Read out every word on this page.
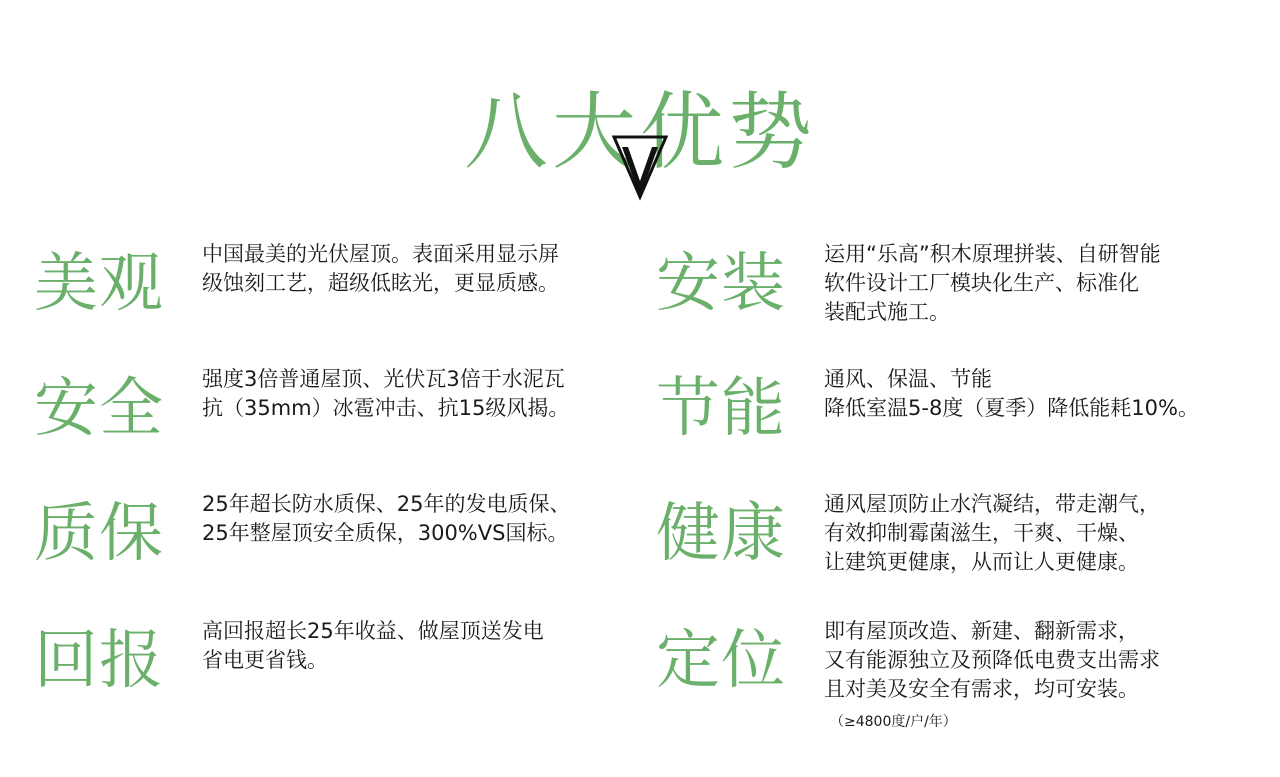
八大优势
美观 中国最美的光伏屋顶。表面采用显示屏
级蚀刻工艺，超级低眩光，更显质感。
安全 强度3倍普通屋顶、光伏瓦3倍于水泥瓦
抗（35mm）冰雹冲击、抗15级风揭。
质保 25年超长防水质保、25年的发电质保、
25年整屋顶安全质保，300%VS国标。
回报 高回报超长25年收益、做屋顶送发电
省电更省钱。
安装 运用“乐高”积木原理拼装、自研智能
软件设计工厂模块化生产、标准化
装配式施工。
节能 通风、保温、节能
降低室温5-8度（夏季）降低能耗10%。
健康 通风屋顶防止水汽凝结，带走潮气，
有效抑制霉菌滋生，干爽、干燥、
让建筑更健康，从而让人更健康。
定位 即有屋顶改造、新建、翻新需求，
又有能源独立及预降低电费支出需求
且对美及安全有需求，均可安装。
（≥4800度/户/年）
